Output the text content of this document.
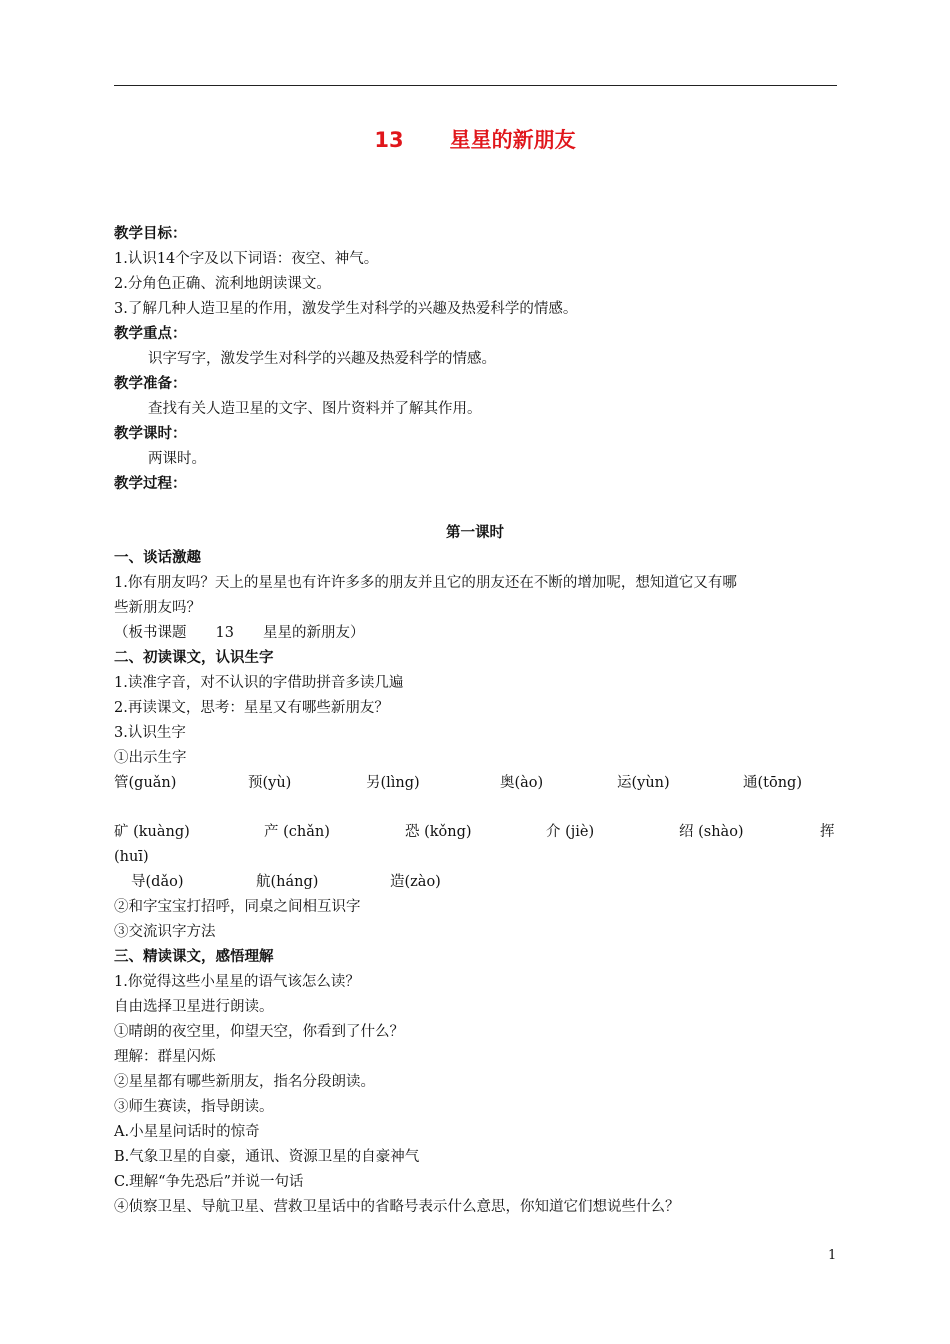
13 星星的新朋友
教学目标：
1.认识14个字及以下词语：夜空、神气。
2.分角色正确、流利地朗读课文。
3.了解几种人造卫星的作用，激发学生对科学的兴趣及热爱科学的情感。
教学重点：
识字写字，激发学生对科学的兴趣及热爱科学的情感。
教学准备：
查找有关人造卫星的文字、图片资料并了解其作用。
教学课时：
两课时。
教学过程：
第一课时
一、谈话激趣
1.你有朋友吗？天上的星星也有许许多多的朋友并且它的朋友还在不断的增加呢，想知道它又有哪
些新朋友吗？
（板书课题　　13　　星星的新朋友）
二、初读课文，认识生字
1.读准字音，对不认识的字借助拼音多读几遍
2.再读课文，思考：星星又有哪些新朋友？
3.认识生字
①出示生字
管(guǎn)	预(yù)	另(lìng)	奥(ào)	运(yùn)	通(tōng)
矿 (kuàng)	产 (chǎn)	恐 (kǒng)	介 (jiè)	绍 (shào)	挥
(huī)
导(dǎo)	航(háng)	造(zào)
②和字宝宝打招呼，同桌之间相互识字
③交流识字方法
三、精读课文，感悟理解
1.你觉得这些小星星的语气该怎么读？
自由选择卫星进行朗读。
①晴朗的夜空里，仰望天空，你看到了什么？
理解：群星闪烁
②星星都有哪些新朋友，指名分段朗读。
③师生赛读，指导朗读。
A.小星星问话时的惊奇
B.气象卫星的自豪，通讯、资源卫星的自豪神气
C.理解“争先恐后”并说一句话
④侦察卫星、导航卫星、营救卫星话中的省略号表示什么意思，你知道它们想说些什么？
1
